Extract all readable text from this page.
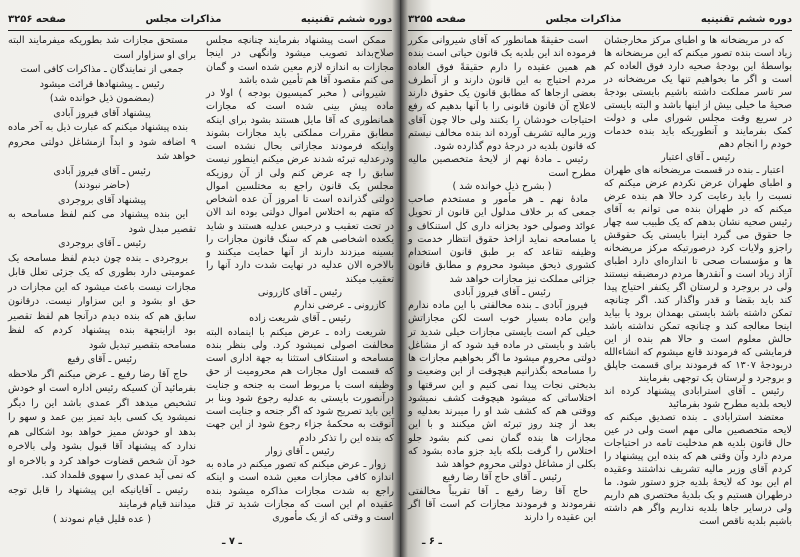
دوره ششم تقنینیه
مذاکرات مجلس
صفحه ۳۲۵۶

ممکن است پیشنهاد بفرمایند چنانچه مجلس صلاح‌بداند تصویب میشود وانگهی در اینجا مجازات به اندازه لازم معین شده است و گمان می کنم مقصود آقا هم تأمین شده باشد

شیروانی ( مخبر کمیسیون بودجه ) اولا در ماده پیش بینی شده است که مجازات همانطوری که آقا مایل هستند بشود برای اینکه مطابق مقررات مملکتی باید مجازات بشوند واینکه فرمودند مجازاتی بحال نشده است ودرعدلیه تبرئه شدند عرض میکنم اینطور نیست سابق را چه عرض کنم ولی از آن روزیکه مجلس یک قانون راجع به مختلسین اموال دولتی گذرانده است تا امروز آن عده اشخاص که متهم به اختلاس اموال دولتی بوده اند الان در تحت تعقیب و درحبس عدلیه هستند و شاید یکعده اشخاصی هم که سنگ قانون مجازات را بسینه میزدند دارند از آنها حمایت میکنند و بالاخره الان عدلیه در نهایت شدت دارد آنها را تعقیب میکند

رئیس ـ آقای کازرونی

کازرونی ـ عرضی ندارم

رئیس ـ آقای شریعت زاده

شریعت زاده ـ عرض میکنم با اینماده البته مخالفت اصولی نمیشود کرد. ولی بنظر بنده مسامحه و استنکاف استثنا به جهة اداری است که قسمت اول مجازات هم محرومیت از حق وظیفه است یا مربوط است به جنحه و جنایت درآنصورت بایستی به عدلیه رجوع شود وبنا بر این باید تصریح شود که اگر جنحه و جنایت است آنوقت به محکمهٔ جزاء رجوع شود از این جهت که بنده این را تذکر دادم

رئیس ـ آقای زوار

زوار ـ عرض میکنم که تصور میکنم در ماده به اندازه کافی مجازات معین شده است و اینکه راجع به شدت مجازات مذاکره میشود بنده عقیده ام این است که مجازات شدید تر قتل است و وقتی که از یک مأموری

مستحق مجازات شد بطوریکه میفرمایند البته برای او سزاوار است

جمعی از نمایندگان ـ مذاکرات کافی است

رئیس ـ پیشنهادها قرائت میشود

(بمضمون ذیل خوانده شد)

پیشنهاد آقای فیروز آبادی

بنده پیشنهاد میکنم که عبارت ذیل به آخر ماده ۹ اضافه شود و ابداً ازمشاغل دولتی محروم خواهد شد

رئیس ـ آقای فیروز آبادی

(حاضر نبودند)

پیشنهاد آقای بروجردی

این بنده پیشنهاد می کنم لفظ مسامحه به تقصیر مبدل شود

رئیس ـ آقای بروجردی

بروجردی ـ بنده چون دیدم لفظ مسامحه یک عمومیتی دارد بطوری که یک جزئی تعلل قابل مجازات نیست باعث میشود که این مجازات در حق او بشود و این سزاوار نیست. درقانون سابق هم که بنده دیدم درآنجا هم لفظ تقصیر بود ازاینجهة بنده پیشنهاد کردم که لفظ مسامحه بتقصیر تبدیل شود

رئیس ـ آقای رفیع

حاج آقا رضا رفیع ـ عرض میکنم اگر ملاحظه بفرمائید آن کسیکه رئیس اداره است او خودش تشخیص میدهد اگر عمدی باشد این را دیگر نمیشود یک کسی باید تمیز بین عمد و سهو را بدهد او خودش ممیز خواهد بود اشکالی هم ندارد که پیشنهاد آقا قبول بشود ولی بالاخره خود آن شخص قضاوت خواهد کرد و بالاخره او که نمی آید عمدی را سهوی قلمداد کند.

رئیس ـ آقایانیکه این پیشنهاد را قابل توجه میدانند قیام فرمایند

( عده قلیل قیام نمودند )

ـ ۷ ـ
دوره ششم تقنینیه
مذاکرات مجلس
صفحه ۳۲۵۵

که در مریضخانه ها و اطبای مرکز مخارجشان زیاد است بنده تصور میکنم که این مریضخانه ها بواسطهٔ این بودجهٔ صحیه دارد فوق العاده کم است و اگر ما بخواهیم تنها یک مریضخانه در سر تاسر مملکت داشته باشیم بایستی بودجهٔ صحیهٔ ما خیلی بیش از اینها باشد و البته بایستی در سریع وقت مجلس شورای ملی و دولت کمک بفرمایند و آنطوریکه باید بنده خدمات خودم را انجام دهم

رئیس ـ آقای اعتبار

اعتبار ـ بنده در قسمت مریضخانه های طهران و اطبای طهران عرض نکردم عرض میکنم که نسبت را باید رعایت کرد حالا هم بنده عرض میکنم که در طهران بنده می توانم به آقای رئیس صحیه نشان بدهم که یک طبیب سه چهار جا حقوق می گیرد اینرا بایستی یک حقوقش راجزو ولایات کرد درصورتیکه مرکز مریضخانه ها و مؤسسات صحی تا اندازه‌ای دارد اطبای آزاد زیاد است و آنقدرها مردم درمضیقه نیستند ولی در بروجرد و لرستان اگر یکنفر احتیاج پیدا کند باید بقضا و قدر واگذار کند. اگر چنانچه تمکن داشته باشد بایستی بهمدان برود یا بیاید اینجا معالجه کند و چنانچه تمکن نداشته باشد حالش معلوم است و حالا هم بنده از این فرمایشی که فرمودند قانع میشوم که انشاءالله دربودجهٔ ۱۳۰۷ که فرمودند برای قسمت جاپلق و بروجرد و لرستان یک توجهی بفرمایند

رئیس ـ آقای استرابادی پیشنهاد کرده اند لایحه بلدیه مطرح شود بفرمائید

معتضد استرابادی ـ بنده تصدیق میکنم که لایحه متخصصین مالی مهم است ولی در عین حال قانون بلدیه هم مدخلیت تامه در احتیاجات مردم دارد وآن وقتی هم که بنده این پیشنهاد را کردم آقای وزیر مالیه تشریف نداشتند وعقیده ام این بود که لایحهٔ بلدیه جزو دستور شود. ما درطهران هستیم و یک بلدیهٔ مختصری هم داریم ولی درسایر جاها بلدیه نداریم واگر هم داشته باشیم بلدیه ناقص است

است حقیقةً همانطور که آقای شیروانی مکرر فرموده اند این بلدیه یک قانون حیاتی است بنده هم همین عقیده را دارم حقیقةً فوق العاده مردم احتیاج به این قانون دارند و از آنطرف بعضی ازجاها که مطابق قانون یک حقوق دارند لاعلاج آن قانون قانونی را با آنها بدهیم که رفع احتیاجات خودشان را بکنند ولی حالا چون آقای وزیر مالیه تشریف آورده اند بنده مخالف نیستم که قانون بلدیه در درجهٔ دوم گذارده شود.

رئیس ـ مادهٔ نهم از لایحهٔ متخصصین مالیه مطرح است

( بشرح ذیل خوانده شد )

مادهٔ نهم ـ هر مأمور و مستخدم صاحب جمعی که بر خلاف مدلول این قانون از تحویل عوائد وصولی خود بخزانه داری کل استنکاف و یا مسامحه نماید ازاخذ حقوق انتظار خدمت و وظیفه تقاعد که بر طبق قانون استخدام کشوری ذیحق میشود محروم و مطابق قانون جزائی مملکت نیز مجازات خواهد شد

رئیس ـ آقای فیروز آبادی

فیروز آبادی ـ بنده مخالفتی با این ماده ندارم واین ماده بسیار خوب است لکن مجازاتش خیلی کم است بایستی مجازات خیلی شدید تر باشد و بایستی در ماده قید شود که از مشاغل دولتی محروم میشود ما اگر بخواهیم مجازات ها را مسامحه بگذرانیم هیچوقت از این وضعیت و بدبختی نجات پیدا نمی کنیم و این سرقتها و اختلاساتی که میشود هیچوقت کشف نمیشود ووقتی هم که کشف شد او را میبرند بعدلیه و بعد از چند روز تبرئه اش میکنند و با این مجازات ها بنده گمان نمی کنم بشود جلو اختلاس را گرفت بلکه باید جزو ماده بشود که بکلی از مشاغل دولتی محروم خواهد شد

رئیس ـ آقای حاج آقا رضا رفیع

حاج آقا رضا رفیع ـ آقا تقریباً مخالفتی نفرمودند و فرمودند مجازات کم است آقا اگر این عقیده را دارند

ـ ۶ ـ
